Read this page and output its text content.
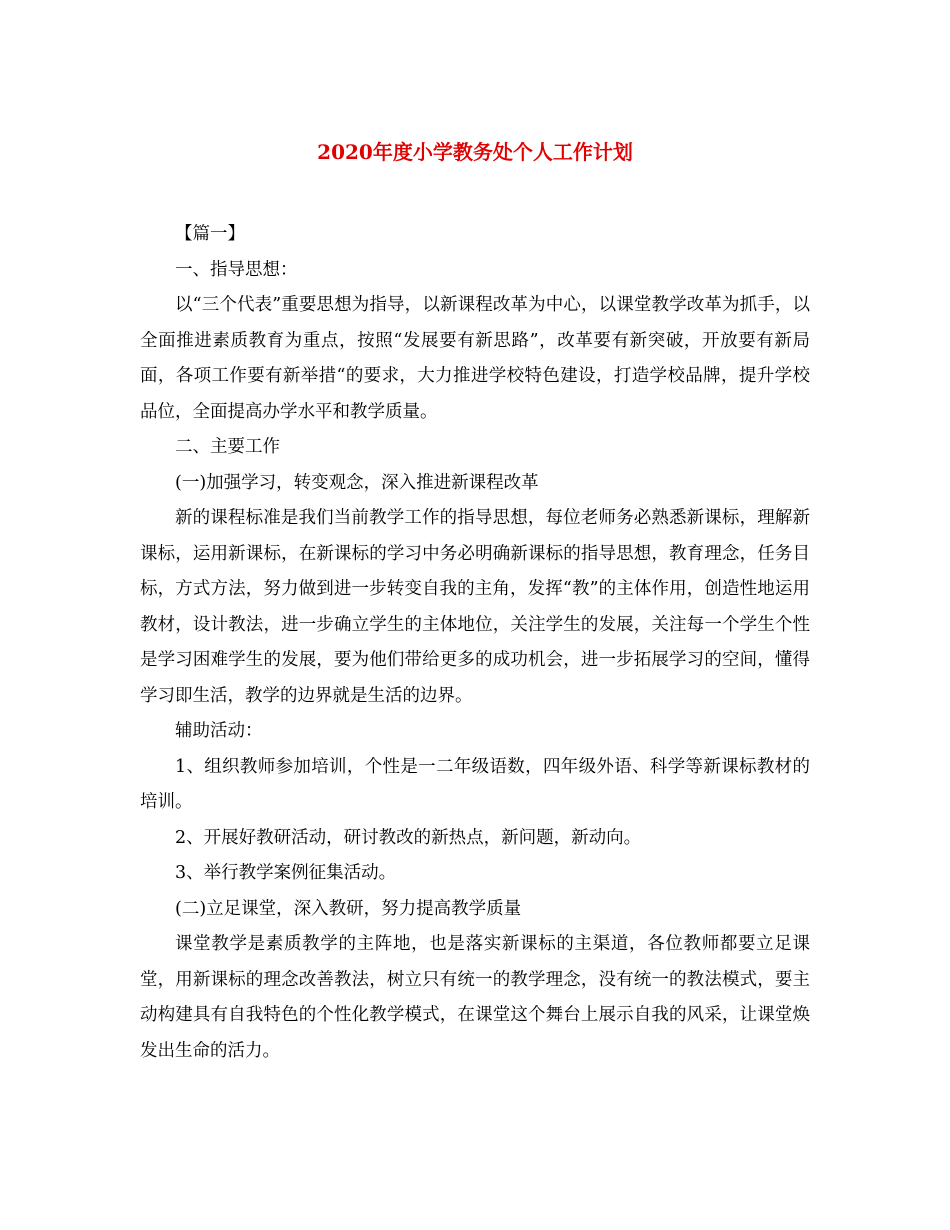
2020年度小学教务处个人工作计划

【篇一】

一、指导思想：

以“三个代表”重要思想为指导，以新课程改革为中心，以课堂教学改革为抓手，以全面推进素质教育为重点，按照“发展要有新思路”，改革要有新突破，开放要有新局面，各项工作要有新举措“的要求，大力推进学校特色建设，打造学校品牌，提升学校品位，全面提高办学水平和教学质量。

二、主要工作

(一)加强学习，转变观念，深入推进新课程改革

新的课程标准是我们当前教学工作的指导思想，每位老师务必熟悉新课标，理解新课标，运用新课标，在新课标的学习中务必明确新课标的指导思想，教育理念，任务目标，方式方法，努力做到进一步转变自我的主角，发挥“教”的主体作用，创造性地运用教材，设计教法，进一步确立学生的主体地位，关注学生的发展，关注每一个学生个性是学习困难学生的发展，要为他们带给更多的成功机会，进一步拓展学习的空间，懂得学习即生活，教学的边界就是生活的边界。

辅助活动：

1、组织教师参加培训，个性是一二年级语数，四年级外语、科学等新课标教材的培训。

2、开展好教研活动，研讨教改的新热点，新问题，新动向。

3、举行教学案例征集活动。

(二)立足课堂，深入教研，努力提高教学质量

课堂教学是素质教学的主阵地，也是落实新课标的主渠道，各位教师都要立足课堂，用新课标的理念改善教法，树立只有统一的教学理念，没有统一的教法模式，要主动构建具有自我特色的个性化教学模式，在课堂这个舞台上展示自我的风采，让课堂焕发出生命的活力。
